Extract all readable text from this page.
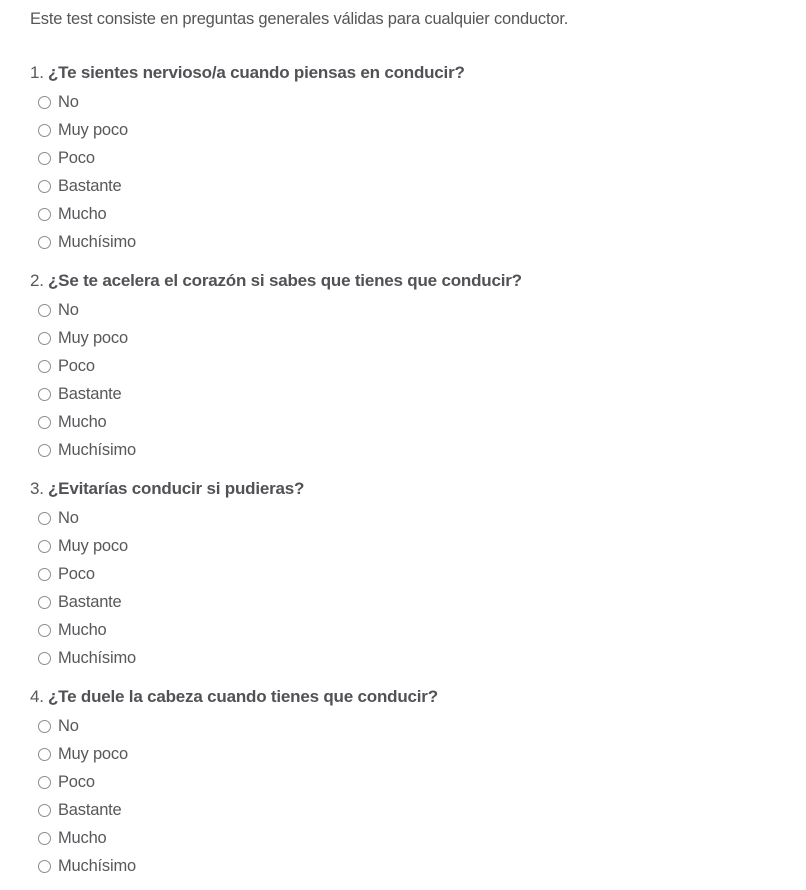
Este test consiste en preguntas generales válidas para cualquier conductor.

1. ¿Te sientes nervioso/a cuando piensas en conducir?
No
Muy poco
Poco
Bastante
Mucho
Muchísimo
2. ¿Se te acelera el corazón si sabes que tienes que conducir?
No
Muy poco
Poco
Bastante
Mucho
Muchísimo
3. ¿Evitarías conducir si pudieras?
No
Muy poco
Poco
Bastante
Mucho
Muchísimo
4. ¿Te duele la cabeza cuando tienes que conducir?
No
Muy poco
Poco
Bastante
Mucho
Muchísimo
